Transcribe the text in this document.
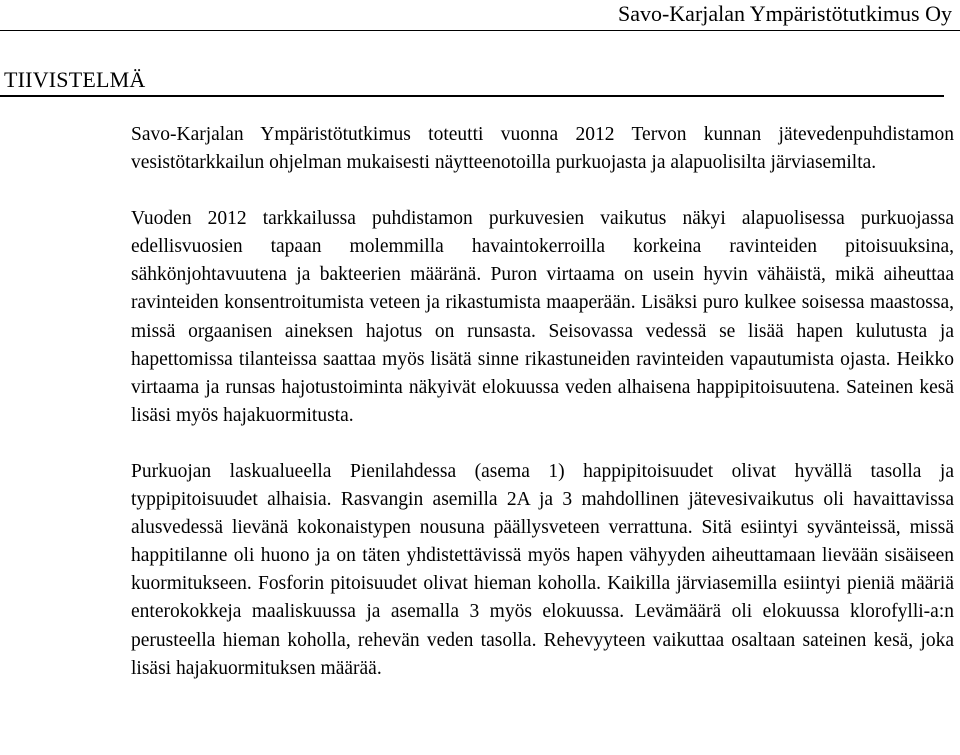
Savo-Karjalan Ympäristötutkimus Oy
TIIVISTELMÄ

Savo-Karjalan Ympäristötutkimus toteutti vuonna 2012 Tervon kunnan jätevedenpuhdistamon vesistötarkkailun ohjelman mukaisesti näytteenotoilla purkuojasta ja alapuolisilta järviasemilta.

Vuoden 2012 tarkkailussa puhdistamon purkuvesien vaikutus näkyi alapuolisessa purkuojassa edellisvuosien tapaan molemmilla havaintokerroilla korkeina ravinteiden pitoisuuksina, sähkönjohtavuutena ja bakteerien määränä. Puron virtaama on usein hyvin vähäistä, mikä aiheuttaa ravinteiden konsentroitumista veteen ja rikastumista maaperään. Lisäksi puro kulkee soisessa maastossa, missä orgaanisen aineksen hajotus on runsasta. Seisovassa vedessä se lisää hapen kulutusta ja hapettomissa tilanteissa saattaa myös lisätä sinne rikastuneiden ravinteiden vapautumista ojasta. Heikko virtaama ja runsas hajotustoiminta näkyivät elokuussa veden alhaisena happipitoisuutena. Sateinen kesä lisäsi myös hajakuormitusta.

Purkuojan laskualueella Pienilahdessa (asema 1) happipitoisuudet olivat hyvällä tasolla ja typpipitoisuudet alhaisia. Rasvangin asemilla 2A ja 3 mahdollinen jätevesivaikutus oli havaittavissa alusvedessä lievänä kokonaistypen nousuna päällysveteen verrattuna. Sitä esiintyi syvänteissä, missä happitilanne oli huono ja on täten yhdistettävissä myös hapen vähyyden aiheuttamaan lievään sisäiseen kuormitukseen. Fosforin pitoisuudet olivat hieman koholla. Kaikilla järviasemilla esiintyi pieniä määriä enterokokkeja maaliskuussa ja asemalla 3 myös elokuussa. Levämäärä oli elokuussa klorofylli-a:n perusteella hieman koholla, rehevän veden tasolla. Rehevyyteen vaikuttaa osaltaan sateinen kesä, joka lisäsi hajakuormituksen määrää.
